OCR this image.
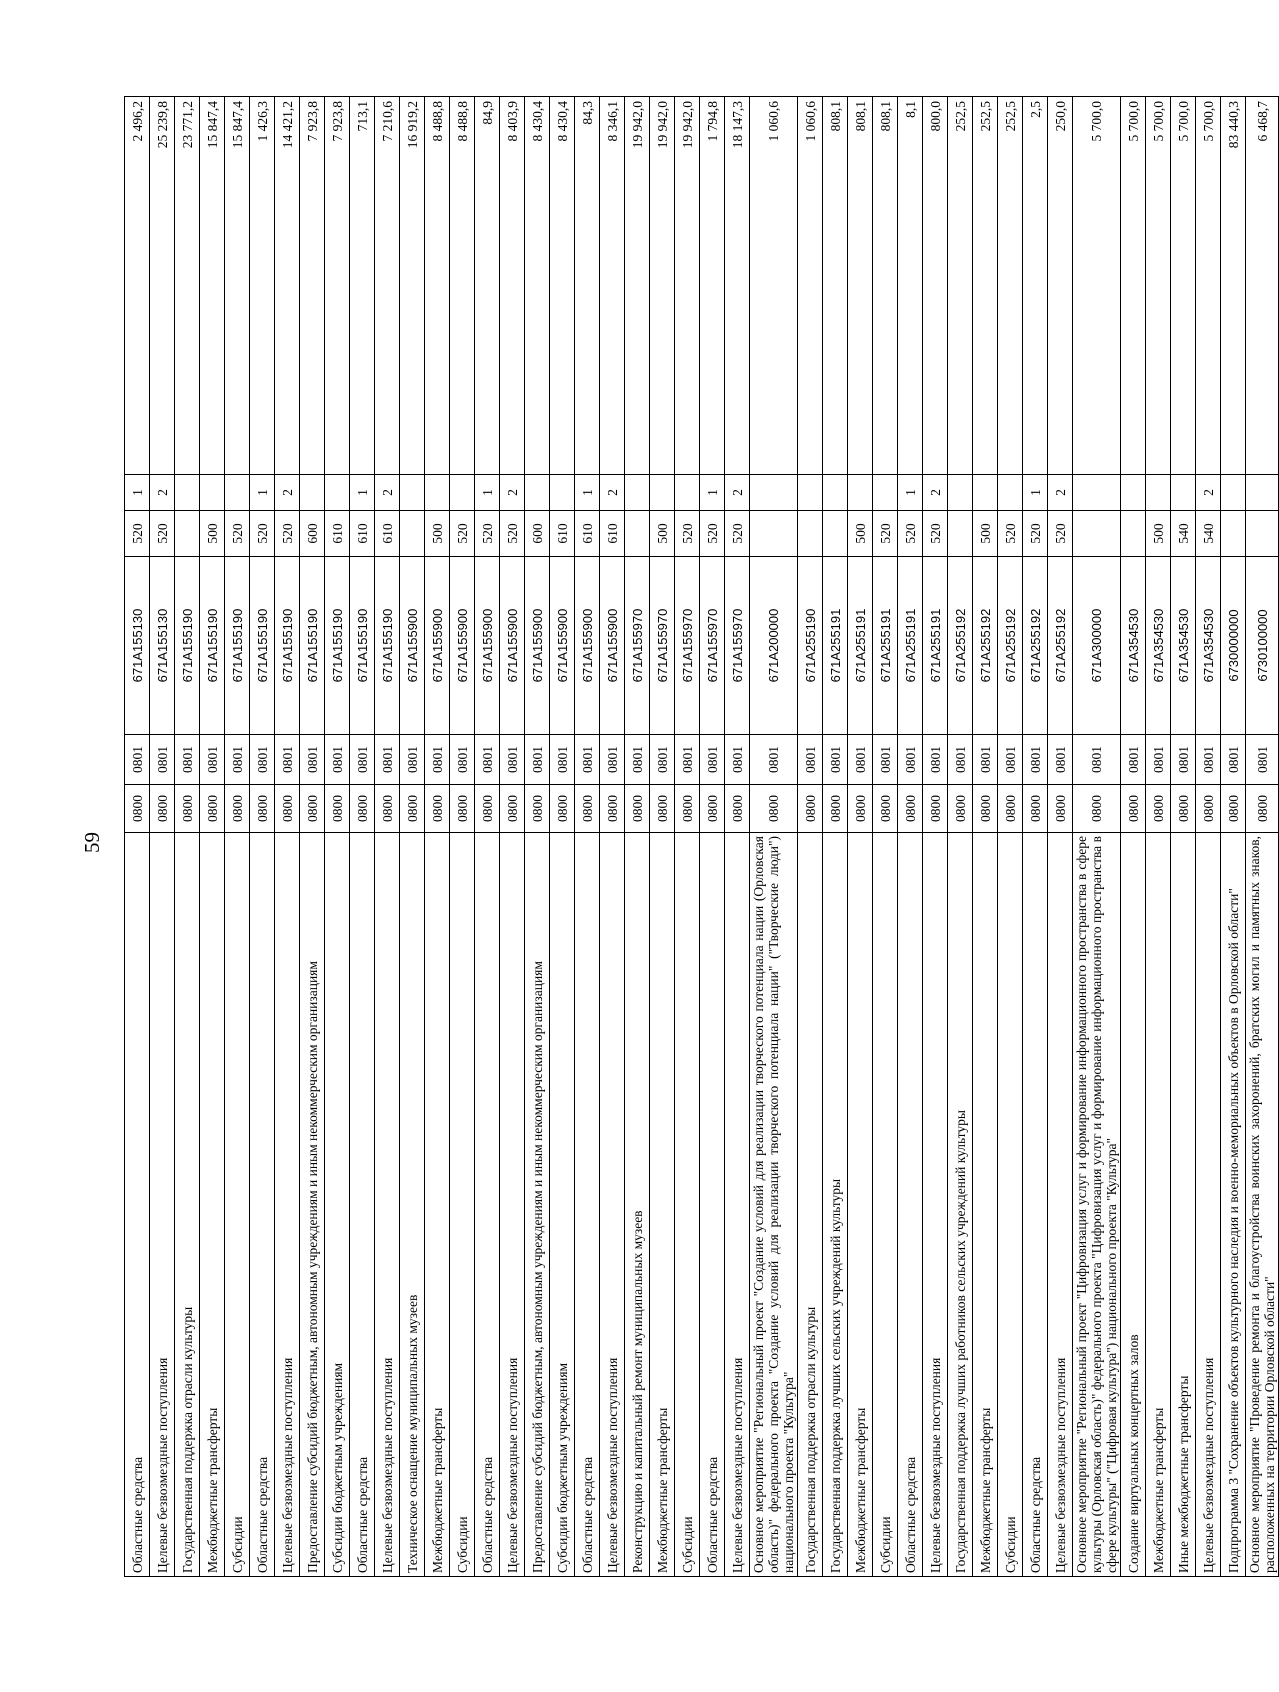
59
Областные средства	0800	0801	671A155130	520	1	2 496,2
Целевые безвозмездные поступления	0800	0801	671A155130	520	2	25 239,8
Государственная поддержка отрасли культуры	0800	0801	671A155190			23 771,2
Межбюджетные трансферты	0800	0801	671A155190	500		15 847,4
Субсидии	0800	0801	671A155190	520		15 847,4
Областные средства	0800	0801	671A155190	520	1	1 426,3
Целевые безвозмездные поступления	0800	0801	671A155190	520	2	14 421,2
Предоставление субсидий бюджетным, автономным учреждениям и иным некоммерческим организациям	0800	0801	671A155190	600		7 923,8
Субсидии бюджетным учреждениям	0800	0801	671A155190	610		7 923,8
Областные средства	0800	0801	671A155190	610	1	713,1
Целевые безвозмездные поступления	0800	0801	671A155190	610	2	7 210,6
Техническое оснащение муниципальных музеев	0800	0801	671A155900			16 919,2
Межбюджетные трансферты	0800	0801	671A155900	500		8 488,8
Субсидии	0800	0801	671A155900	520		8 488,8
Областные средства	0800	0801	671A155900	520	1	84,9
Целевые безвозмездные поступления	0800	0801	671A155900	520	2	8 403,9
Предоставление субсидий бюджетным, автономным учреждениям и иным некоммерческим организациям	0800	0801	671A155900	600		8 430,4
Субсидии бюджетным учреждениям	0800	0801	671A155900	610		8 430,4
Областные средства	0800	0801	671A155900	610	1	84,3
Целевые безвозмездные поступления	0800	0801	671A155900	610	2	8 346,1
Реконструкцию и капитальный ремонт муниципальных музеев	0800	0801	671A155970			19 942,0
Межбюджетные трансферты	0800	0801	671A155970	500		19 942,0
Субсидии	0800	0801	671A155970	520		19 942,0
Областные средства	0800	0801	671A155970	520	1	1 794,8
Целевые безвозмездные поступления	0800	0801	671A155970	520	2	18 147,3
Основное мероприятие "Региональный проект "Создание условий для реализации творческого потенциала нации (Орловская область)" федерального проекта "Создание условий для реализации творческого потенциала нации" ("Творческие люди") национального проекта "Культура"	0800	0801	671A200000			1 060,6
Государственная поддержка отрасли культуры	0800	0801	671A255190			1 060,6
Государственная поддержка лучших сельских учреждений культуры	0800	0801	671A255191			808,1
Межбюджетные трансферты	0800	0801	671A255191	500		808,1
Субсидии	0800	0801	671A255191	520		808,1
Областные средства	0800	0801	671A255191	520	1	8,1
Целевые безвозмездные поступления	0800	0801	671A255191	520	2	800,0
Государственная поддержка лучших работников сельских учреждений культуры	0800	0801	671A255192			252,5
Межбюджетные трансферты	0800	0801	671A255192	500		252,5
Субсидии	0800	0801	671A255192	520		252,5
Областные средства	0800	0801	671A255192	520	1	2,5
Целевые безвозмездные поступления	0800	0801	671A255192	520	2	250,0
Основное мероприятие "Региональный проект "Цифровизация услуг и формирование информационного пространства в сфере культуры (Орловская область)" федерального проекта "Цифровизация услуг и формирование информационного пространства в сфере культуры" ("Цифровая культура") национального проекта "Культура"	0800	0801	671A300000			5 700,0
Создание виртуальных концертных залов	0800	0801	671A354530			5 700,0
Межбюджетные трансферты	0800	0801	671A354530	500		5 700,0
Иные межбюджетные трансферты	0800	0801	671A354530	540		5 700,0
Целевые безвозмездные поступления	0800	0801	671A354530	540	2	5 700,0
Подпрограмма 3 "Сохранение объектов культурного наследия и военно-мемориальных объектов в Орловской области"	0800	0801	6730000000			83 440,3
Основное мероприятие "Проведение ремонта и благоустройства воинских захоронений, братских могил и памятных знаков, расположенных на территории Орловской области"	0800	0801	6730100000			6 468,7
